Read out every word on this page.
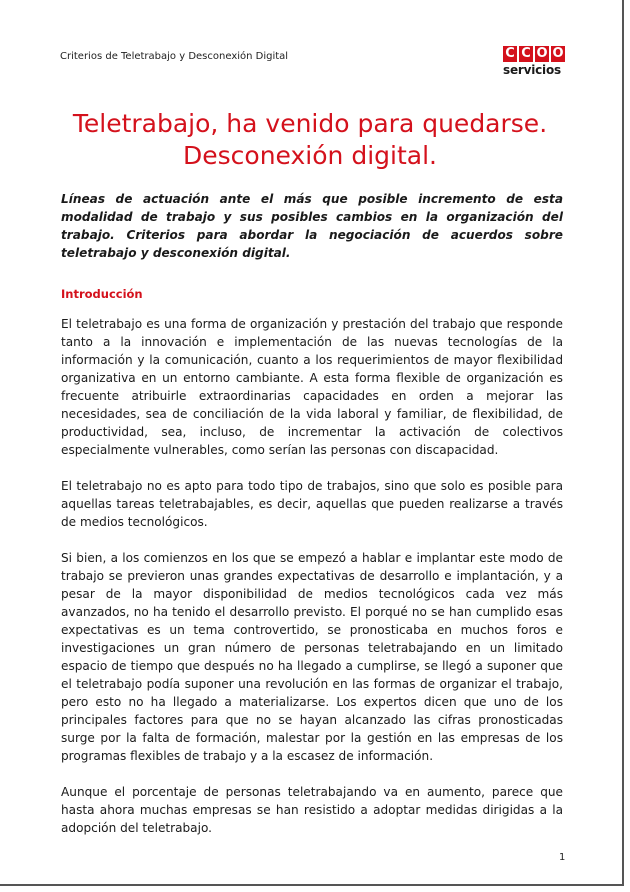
Criterios de Teletrabajo y Desconexión Digital	C C O O
servicios
Teletrabajo, ha venido para quedarse.
Desconexión digital.

Líneas de actuación ante el más que posible incremento de esta modalidad de trabajo y sus posibles cambios en la organización del trabajo. Criterios para abordar la negociación de acuerdos sobre teletrabajo y desconexión digital.

Introducción

El teletrabajo es una forma de organización y prestación del trabajo que responde tanto a la innovación e implementación de las nuevas tecnologías de la información y la comunicación, cuanto a los requerimientos de mayor flexibilidad organizativa en un entorno cambiante. A esta forma flexible de organización es frecuente atribuirle extraordinarias capacidades en orden a mejorar las necesidades, sea de conciliación de la vida laboral y familiar, de flexibilidad, de productividad, sea, incluso, de incrementar la activación de colectivos especialmente vulnerables, como serían las personas con discapacidad.

El teletrabajo no es apto para todo tipo de trabajos, sino que solo es posible para aquellas tareas teletrabajables, es decir, aquellas que pueden realizarse a través de medios tecnológicos.

Si bien, a los comienzos en los que se empezó a hablar e implantar este modo de trabajo se previeron unas grandes expectativas de desarrollo e implantación, y a pesar de la mayor disponibilidad de medios tecnológicos cada vez más avanzados, no ha tenido el desarrollo previsto. El porqué no se han cumplido esas expectativas es un tema controvertido, se pronosticaba en muchos foros e investigaciones un gran número de personas teletrabajando en un limitado espacio de tiempo que después no ha llegado a cumplirse, se llegó a suponer que el teletrabajo podía suponer una revolución en las formas de organizar el trabajo, pero esto no ha llegado a materializarse. Los expertos dicen que uno de los principales factores para que no se hayan alcanzado las cifras pronosticadas surge por la falta de formación, malestar por la gestión en las empresas de los programas flexibles de trabajo y a la escasez de información.

Aunque el porcentaje de personas teletrabajando va en aumento, parece que hasta ahora muchas empresas se han resistido a adoptar medidas dirigidas a la adopción del teletrabajo.

1
